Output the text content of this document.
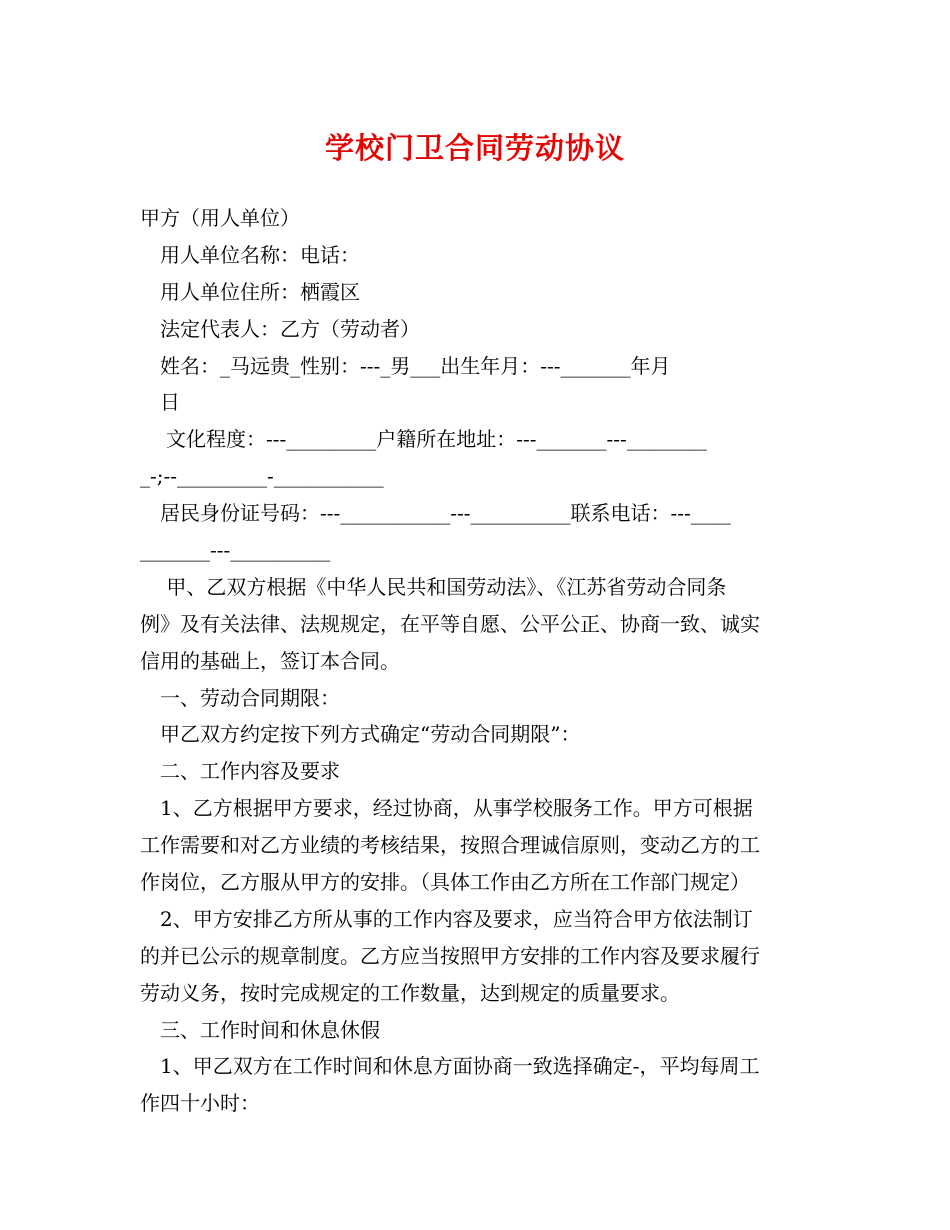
学校门卫合同劳动协议
甲方（用人单位）
用人单位名称：电话：
用人单位住所：栖霞区
法定代表人：乙方（劳动者）
姓名：_马远贵_性别：---_男___出生年月：---_______年月
日
文化程度：---_________户籍所在地址：---_______---________
_-;--_________-___________
居民身份证号码：---___________---__________联系电话：---____
_______---__________
甲、乙双方根据《中华人民共和国劳动法》、《江苏省劳动合同条
例》及有关法律、法规规定，在平等自愿、公平公正、协商一致、诚实
信用的基础上，签订本合同。
一、劳动合同期限：
甲乙双方约定按下列方式确定“劳动合同期限”：
二、工作内容及要求
1、乙方根据甲方要求，经过协商，从事学校服务工作。甲方可根据
工作需要和对乙方业绩的考核结果，按照合理诚信原则，变动乙方的工
作岗位，乙方服从甲方的安排。（具体工作由乙方所在工作部门规定）
2、甲方安排乙方所从事的工作内容及要求，应当符合甲方依法制订
的并已公示的规章制度。乙方应当按照甲方安排的工作内容及要求履行
劳动义务，按时完成规定的工作数量，达到规定的质量要求。
三、工作时间和休息休假
1、甲乙双方在工作时间和休息方面协商一致选择确定-，平均每周工
作四十小时：
